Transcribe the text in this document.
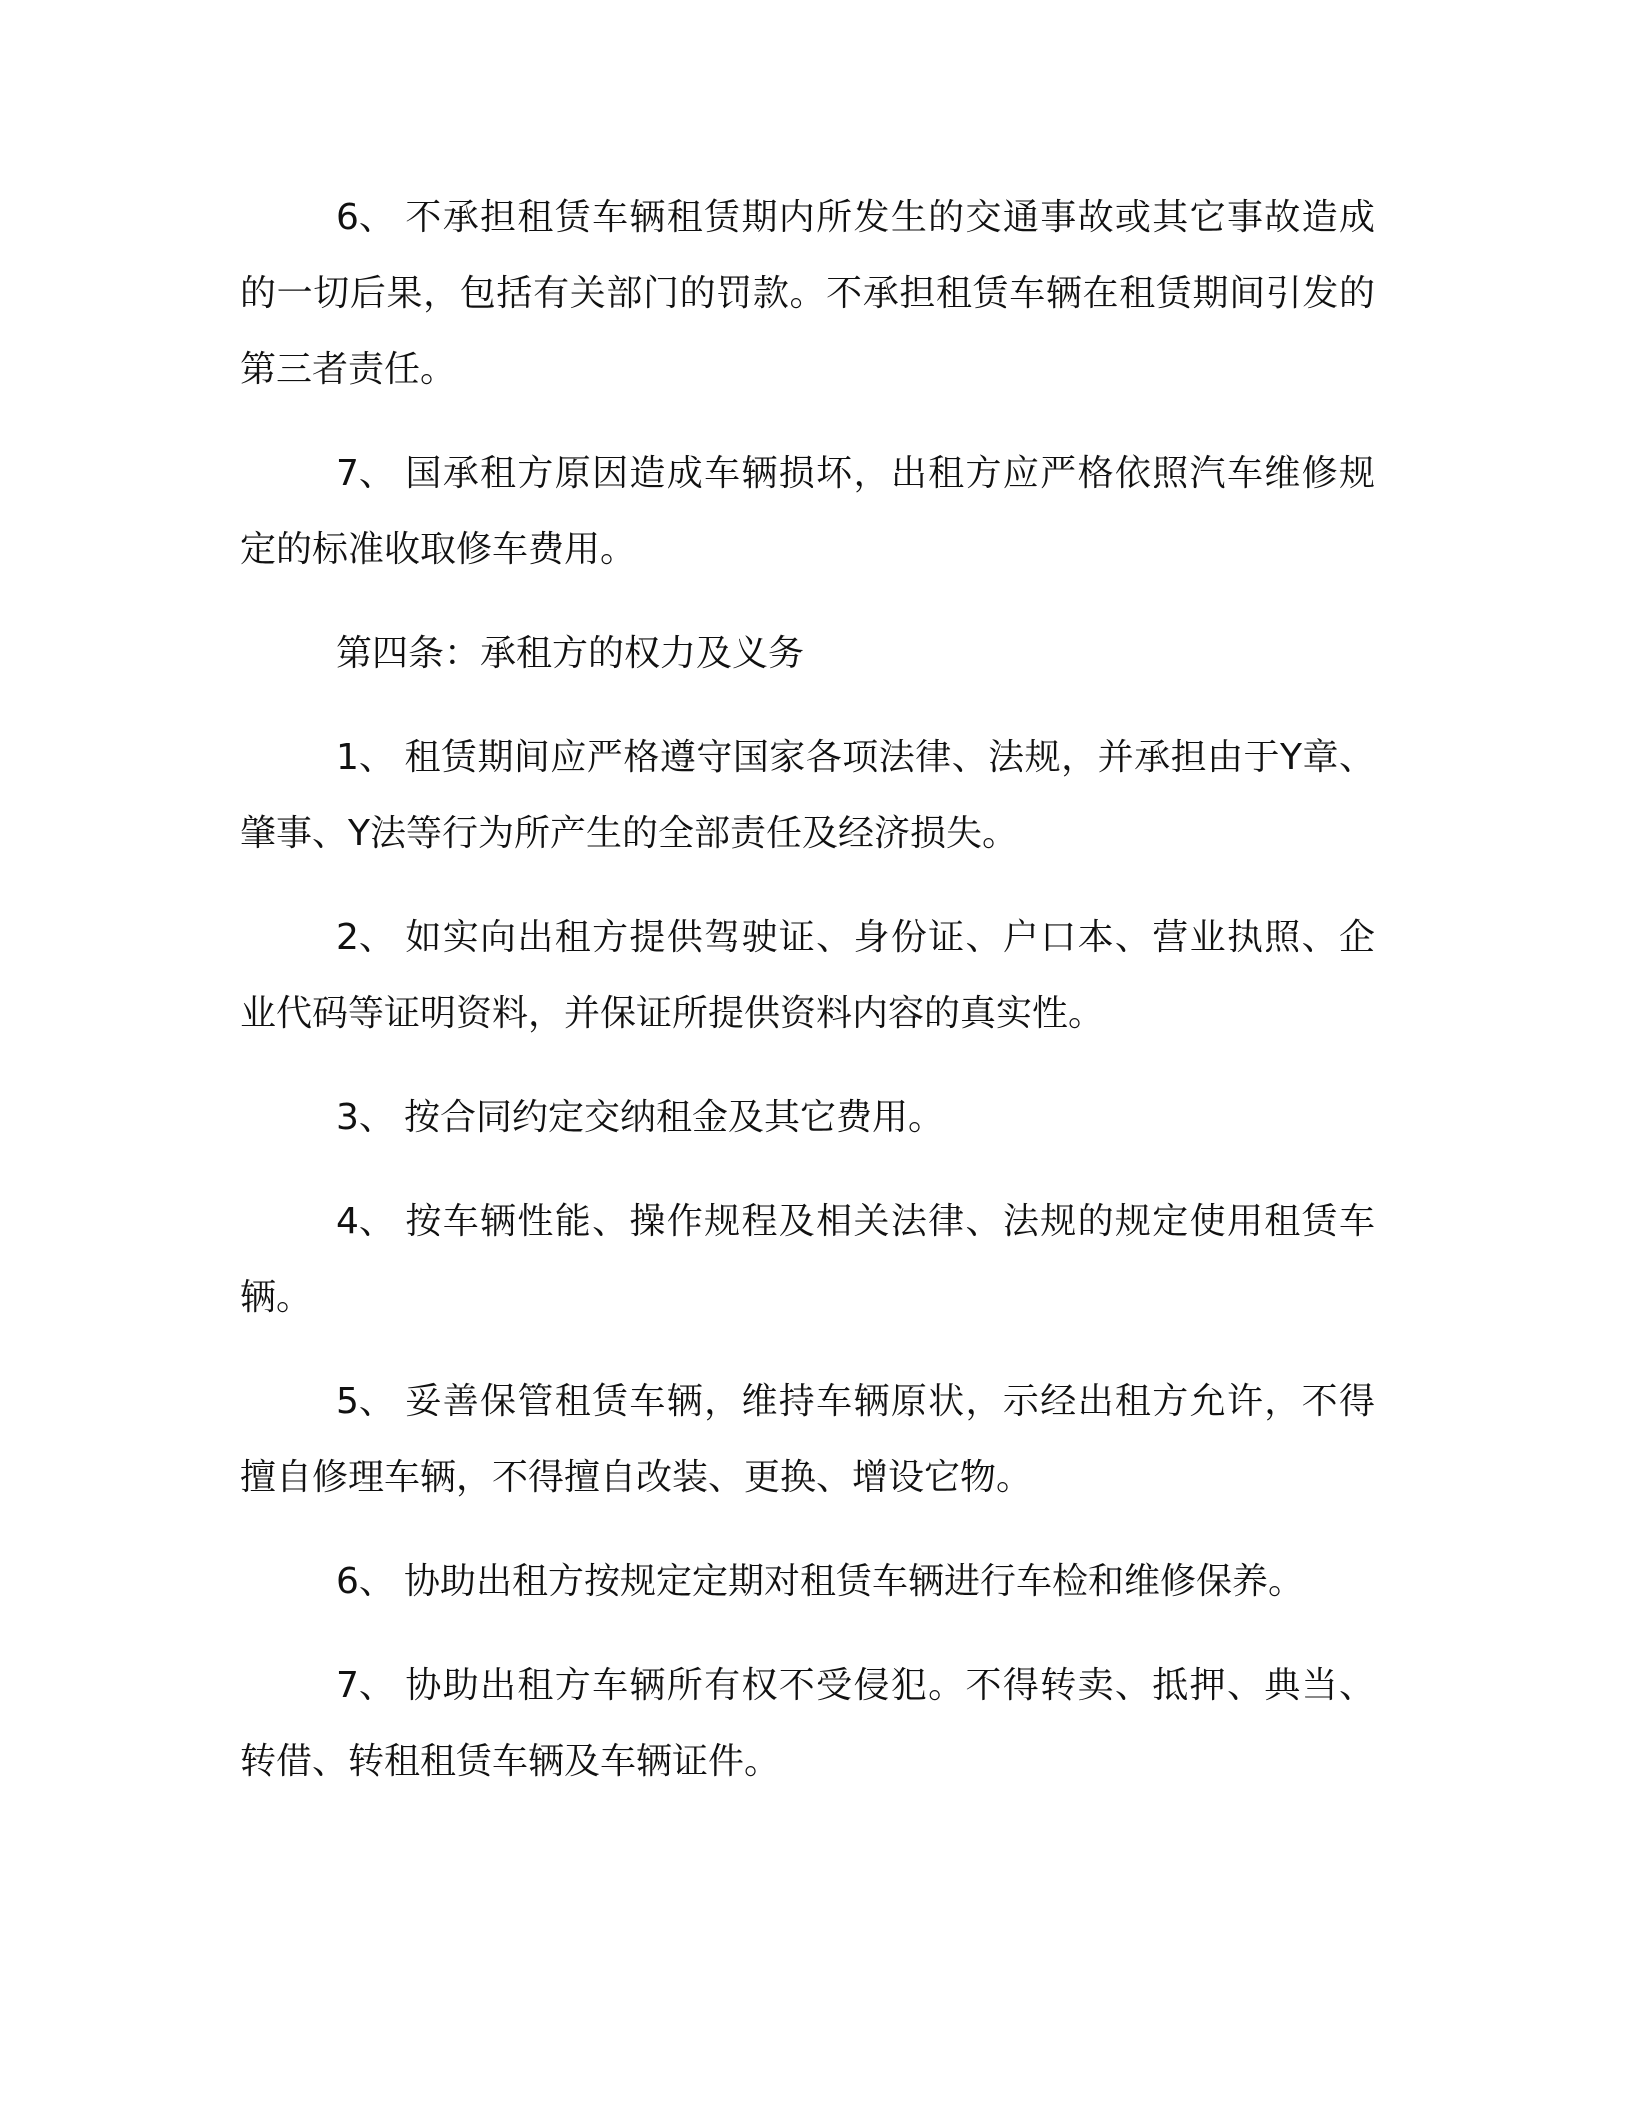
6、 不承担租赁车辆租赁期内所发生的交通事故或其它事故造成的一切后果，包括有关部门的罚款。不承担租赁车辆在租赁期间引发的第三者责任。

7、 国承租方原因造成车辆损坏，出租方应严格依照汽车维修规定的标准收取修车费用。

第四条：承租方的权力及义务

1、 租赁期间应严格遵守国家各项法律、法规，并承担由于Y章、肇事、Y法等行为所产生的全部责任及经济损失。

2、 如实向出租方提供驾驶证、身份证、户口本、营业执照、企业代码等证明资料，并保证所提供资料内容的真实性。

3、 按合同约定交纳租金及其它费用。

4、 按车辆性能、操作规程及相关法律、法规的规定使用租赁车辆。

5、 妥善保管租赁车辆，维持车辆原状，示经出租方允许，不得擅自修理车辆，不得擅自改装、更换、增设它物。

6、 协助出租方按规定定期对租赁车辆进行车检和维修保养。

7、 协助出租方车辆所有权不受侵犯。不得转卖、抵押、典当、转借、转租租赁车辆及车辆证件。
